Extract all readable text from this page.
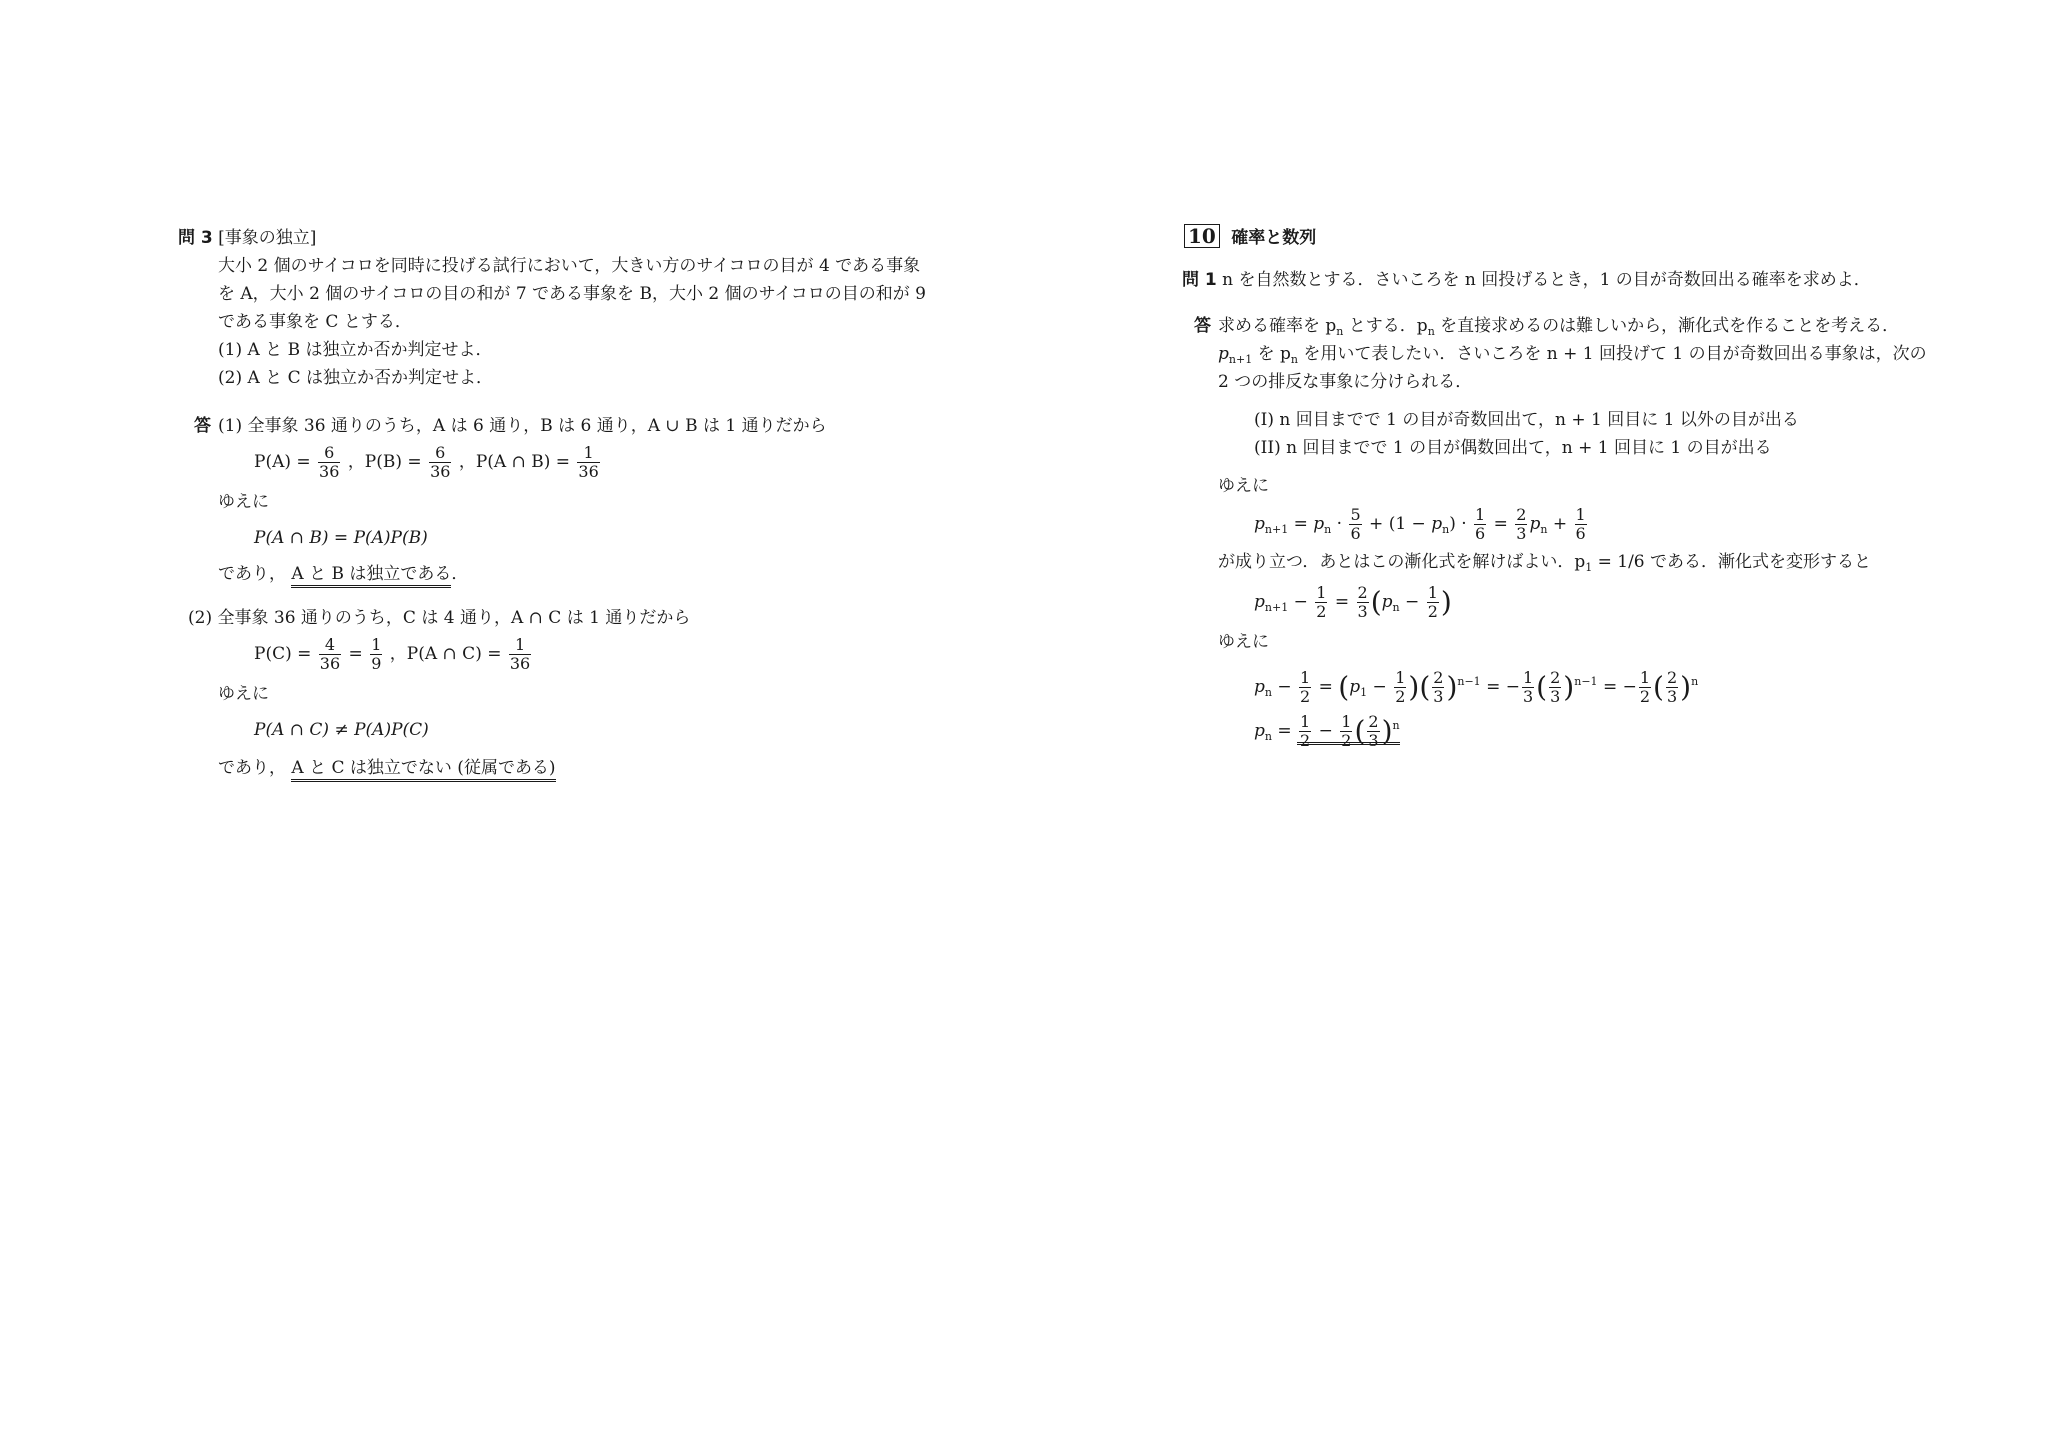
問 3 [事象の独立]
大小 2 個のサイコロを同時に投げる試行において，大きい方のサイコロの目が 4 である事象
を A，大小 2 個のサイコロの目の和が 7 である事象を B，大小 2 個のサイコロの目の和が 9
である事象を C とする．
(1) A と B は独立か否か判定せよ．
(2) A と C は独立か否か判定せよ．
答 (1) 全事象 36 通りのうち，A は 6 通り，B は 6 通り，A ∪ B は 1 通りだから
$P(A) = \frac{6}{36}$ ，$P(B) = \frac{6}{36}$ ，P(A ∩ $B) = \frac{1}{36}$
ゆえに
P(A ∩ B) = P(A)P(B)
であり， A と B は独立である．
(2) 全事象 36 通りのうち，C は 4 通り，A ∩ C は 1 通りだから
$P(C) = \frac{4}{36} = \frac{1}{9}$ ，P(A ∩ $C) = \frac{1}{36}$
ゆえに
P(A ∩ C) ≠ P(A)P(C)
であり， A と C は独立でない (従属である)
10 確率と数列
問 1 n を自然数とする．さいころを n 回投げるとき，1 の目が奇数回出る確率を求めよ．
答 求める確率を $p_n$ とする．$p_n$ を直接求めるのは難しいから，漸化式を作ることを考える．
$p_{n+1}$ を $p_n$ を用いて表したい．さいころを n + 1 回投げて 1 の目が奇数回出る事象は，次の
2 つの排反な事象に分けられる．
(I) n 回目までで 1 の目が奇数回出て，n + 1 回目に 1 以外の目が出る
(II) n 回目までで 1 の目が偶数回出て，n + 1 回目に 1 の目が出る
ゆえに
$p_{n+1} = p_n \cdot \frac{5}{6} + (1 - p_n) \cdot \frac{1}{6} = \frac{2}{3} p_n + \frac{1}{6}$
が成り立つ．あとはこの漸化式を解けばよい．$p_1 = 1/6$ である．漸化式を変形すると
$p_{n+1} - \frac{1}{2} = \frac{2}{3} (p_n - \frac{1}{2}$ )
ゆえに
$p_n - \frac{1}{2} = (p_1 - \frac{1}{2}$ )( $\frac{2}{3} )^{n-1}$ = − $\frac{1}{3}$ ( $\frac{2}{3} )^{n-1}$ = − $\frac{1}{2}$ ( $\frac{2}{3} )^n$
$p_n = \frac{1}{2} - \frac{1}{2}$ ( $\frac{2}{3} )^n$
